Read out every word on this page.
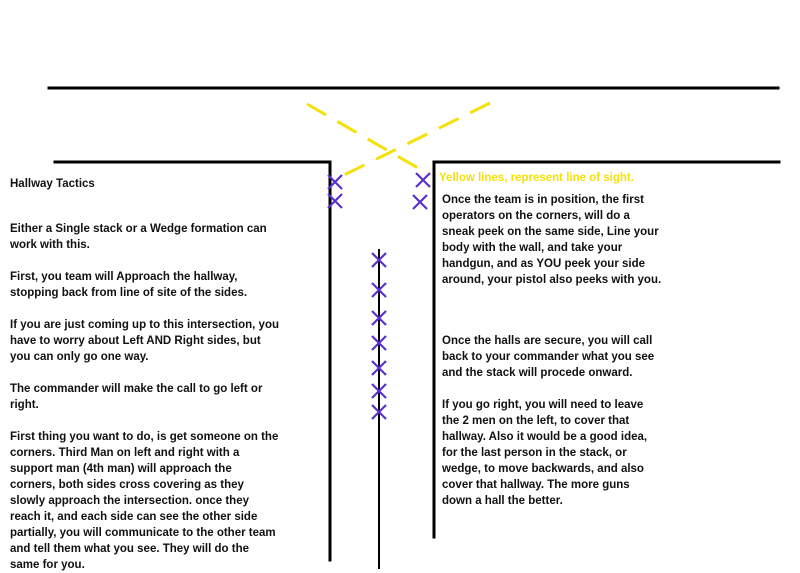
Hallway Tactics

Either a Single stack or a Wedge formation can
work with this.

First, you team will Approach the hallway,
stopping back from line of site of the sides.

If you are just coming up to this intersection, you
have to worry about Left AND Right sides, but
you can only go one way.

The commander will make the call to go left or
right.

First thing you want to do, is get someone on the
corners. Third Man on left and right with a
support man (4th man) will approach the
corners, both sides cross covering as they
slowly approach the intersection. once they
reach it, and each side can see the other side
partially, you will communicate to the other team
and tell them what you see. They will do the
same for you.

Yellow lines, represent line of sight.

Once the team is in position, the first
operators on the corners, will do a
sneak peek on the same side, Line your
body with the wall, and take your
handgun, and as YOU peek your side
around, your pistol also peeks with you.

Once the halls are secure, you will call
back to your commander what you see
and the stack will procede onward.

If you go right, you will need to leave
the 2 men on the left, to cover that
hallway. Also it would be a good idea,
for the last person in the stack, or
wedge, to move backwards, and also
cover that hallway. The more guns
down a hall the better.
